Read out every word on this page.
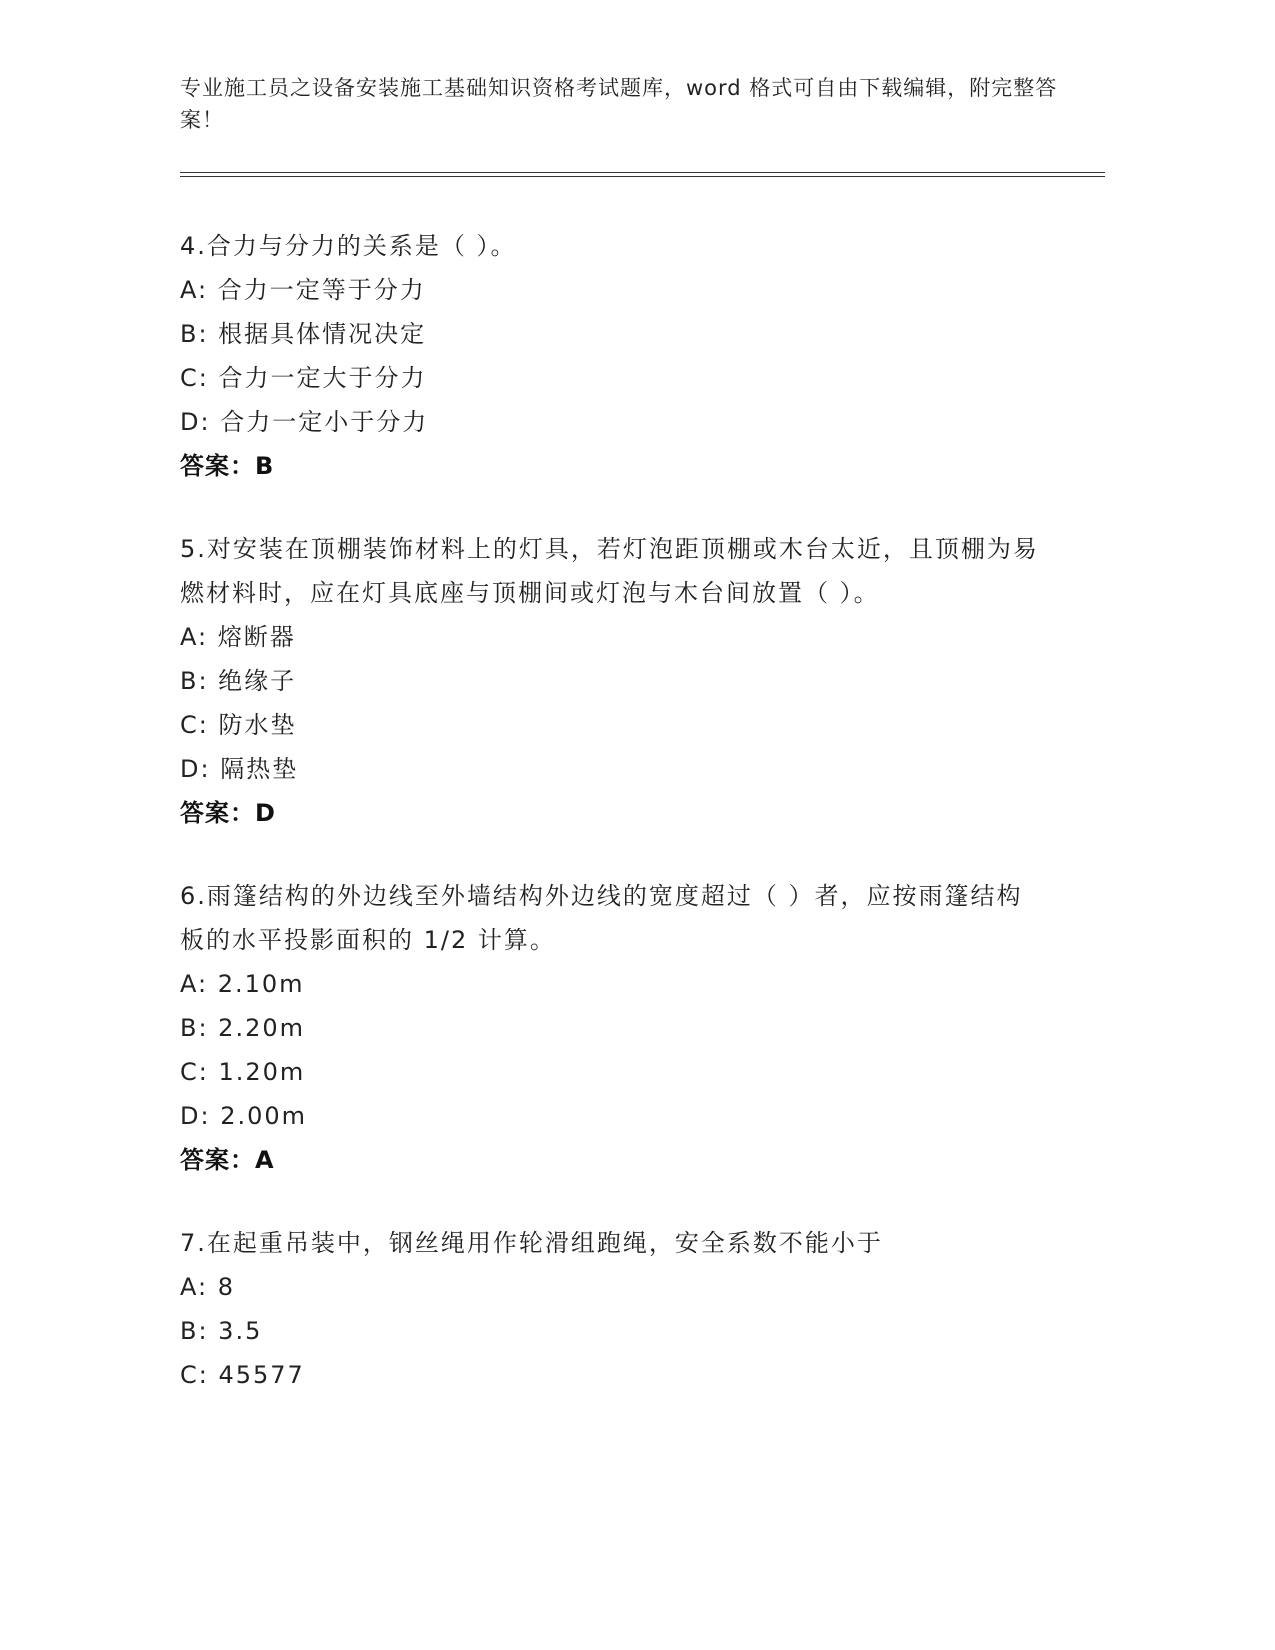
专业施工员之设备安装施工基础知识资格考试题库，word 格式可自由下载编辑，附完整答案！

4.合力与分力的关系是（ ）。

A: 合力一定等于分力

B: 根据具体情况决定

C: 合力一定大于分力

D: 合力一定小于分力

答案：B

5.对安装在顶棚装饰材料上的灯具，若灯泡距顶棚或木台太近，且顶棚为易燃材料时，应在灯具底座与顶棚间或灯泡与木台间放置（ ）。

A: 熔断器

B: 绝缘子

C: 防水垫

D: 隔热垫

答案：D

6.雨篷结构的外边线至外墙结构外边线的宽度超过（ ）者，应按雨篷结构板的水平投影面积的 1/2 计算。

A: 2.10m

B: 2.20m

C: 1.20m

D: 2.00m

答案：A

7.在起重吊装中，钢丝绳用作轮滑组跑绳，安全系数不能小于

A: 8

B: 3.5

C: 45577
